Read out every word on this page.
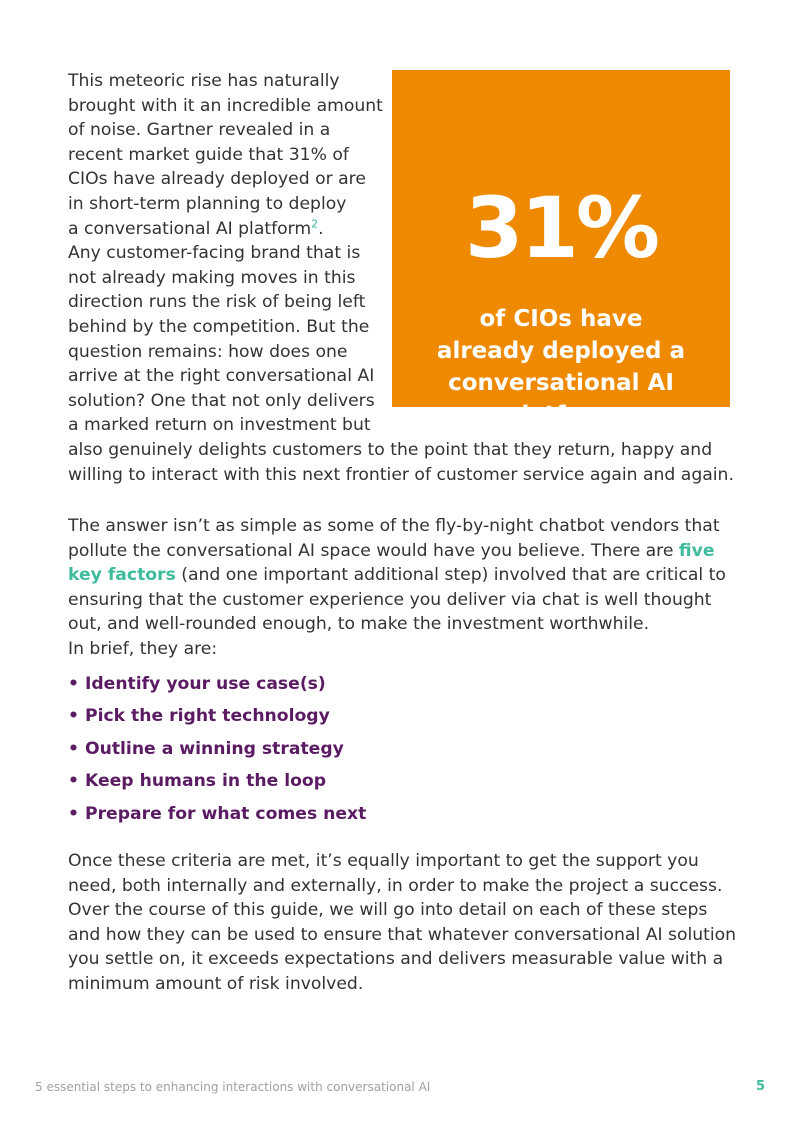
This meteoric rise has naturally
brought with it an incredible amount
of noise. Gartner revealed in a
recent market guide that 31% of
CIOs have already deployed or are
in short-term planning to deploy
a conversational AI platform$^2$.
Any customer-facing brand that is
not already making moves in this
direction runs the risk of being left
behind by the competition. But the
question remains: how does one
arrive at the right conversational AI
solution? One that not only delivers
a marked return on investment but
also genuinely delights customers to the point that they return, happy and
willing to interact with this next frontier of customer service again and again.
31%
of CIOs have
already deployed a
conversational AI
platform
The answer isn’t as simple as some of the fly-by-night chatbot vendors that
pollute the conversational AI space would have you believe. There are five
key factors (and one important additional step) involved that are critical to
ensuring that the customer experience you deliver via chat is well thought
out, and well-rounded enough, to make the investment worthwhile.
In brief, they are:
• Identify your use case(s)
• Pick the right technology
• Outline a winning strategy
• Keep humans in the loop
• Prepare for what comes next
Once these criteria are met, it’s equally important to get the support you
need, both internally and externally, in order to make the project a success.
Over the course of this guide, we will go into detail on each of these steps
and how they can be used to ensure that whatever conversational AI solution
you settle on, it exceeds expectations and delivers measurable value with a
minimum amount of risk involved.
5 essential steps to enhancing interactions with conversational AI	5
